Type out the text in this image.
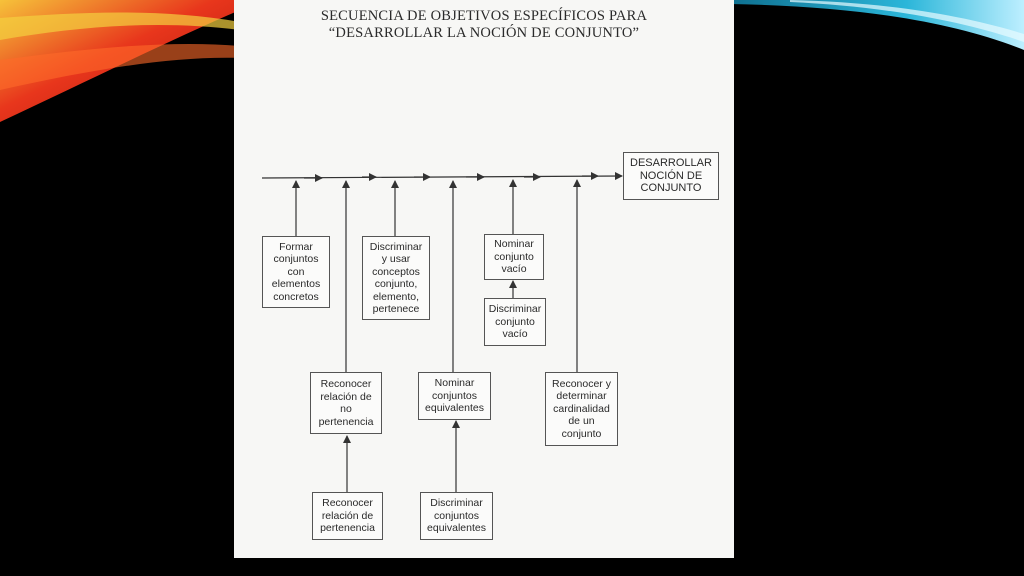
SECUENCIA DE OBJETIVOS ESPECÍFICOS PARA
“DESARROLLAR LA NOCIÓN DE CONJUNTO”
DESARROLLAR
NOCIÓN DE
CONJUNTO
Formar
conjuntos
con
elementos
concretos
Reconocer
relación de
no
pertenencia
Reconocer
relación de
pertenencia
Discriminar
y usar
conceptos
conjunto,
elemento,
pertenece
Nominar
conjuntos
equivalentes
Discriminar
conjuntos
equivalentes
Nominar
conjunto
vacío
Discriminar
conjunto
vacío
Reconocer y
determinar
cardinalidad
de un
conjunto
